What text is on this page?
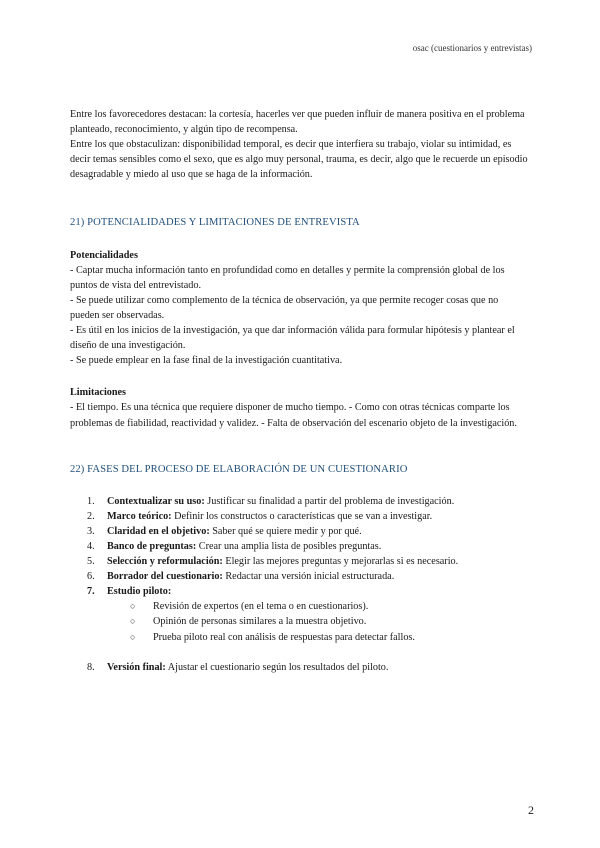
osac (cuestionarios y entrevistas)

Entre los favorecedores destacan: la cortesía, hacerles ver que pueden influir de manera positiva en el problema planteado, reconocimiento, y algún tipo de recompensa.

Entre los que obstaculizan: disponibilidad temporal, es decir que interfiera su trabajo, violar su intimidad, es decir temas sensibles como el sexo, que es algo muy personal, trauma, es decir, algo que le recuerde un episodio desagradable y miedo al uso que se haga de la información.

21) POTENCIALIDADES Y LIMITACIONES DE ENTREVISTA
Potencialidades

- Captar mucha información tanto en profundidad como en detalles y permite la comprensión global de los puntos de vista del entrevistado.

- Se puede utilizar como complemento de la técnica de observación, ya que permite recoger cosas que no pueden ser observadas.

- Es útil en los inicios de la investigación, ya que dar información válida para formular hipótesis y plantear el diseño de una investigación.

- Se puede emplear en la fase final de la investigación cuantitativa.

Limitaciones

- El tiempo. Es una técnica que requiere disponer de mucho tiempo. - Como con otras técnicas comparte los problemas de fiabilidad, reactividad y validez. - Falta de observación del escenario objeto de la investigación.

22) FASES DEL PROCESO DE ELABORACIÓN DE UN CUESTIONARIO
1. Contextualizar su uso: Justificar su finalidad a partir del problema de investigación.
2. Marco teórico: Definir los constructos o características que se van a investigar.
3. Claridad en el objetivo: Saber qué se quiere medir y por qué.
4. Banco de preguntas: Crear una amplia lista de posibles preguntas.
5. Selección y reformulación: Elegir las mejores preguntas y mejorarlas si es necesario.
6. Borrador del cuestionario: Redactar una versión inicial estructurada.
7. Estudio piloto:
○ Revisión de expertos (en el tema o en cuestionarios).
○ Opinión de personas similares a la muestra objetivo.
○ Prueba piloto real con análisis de respuestas para detectar fallos.
8. Versión final: Ajustar el cuestionario según los resultados del piloto.
2
